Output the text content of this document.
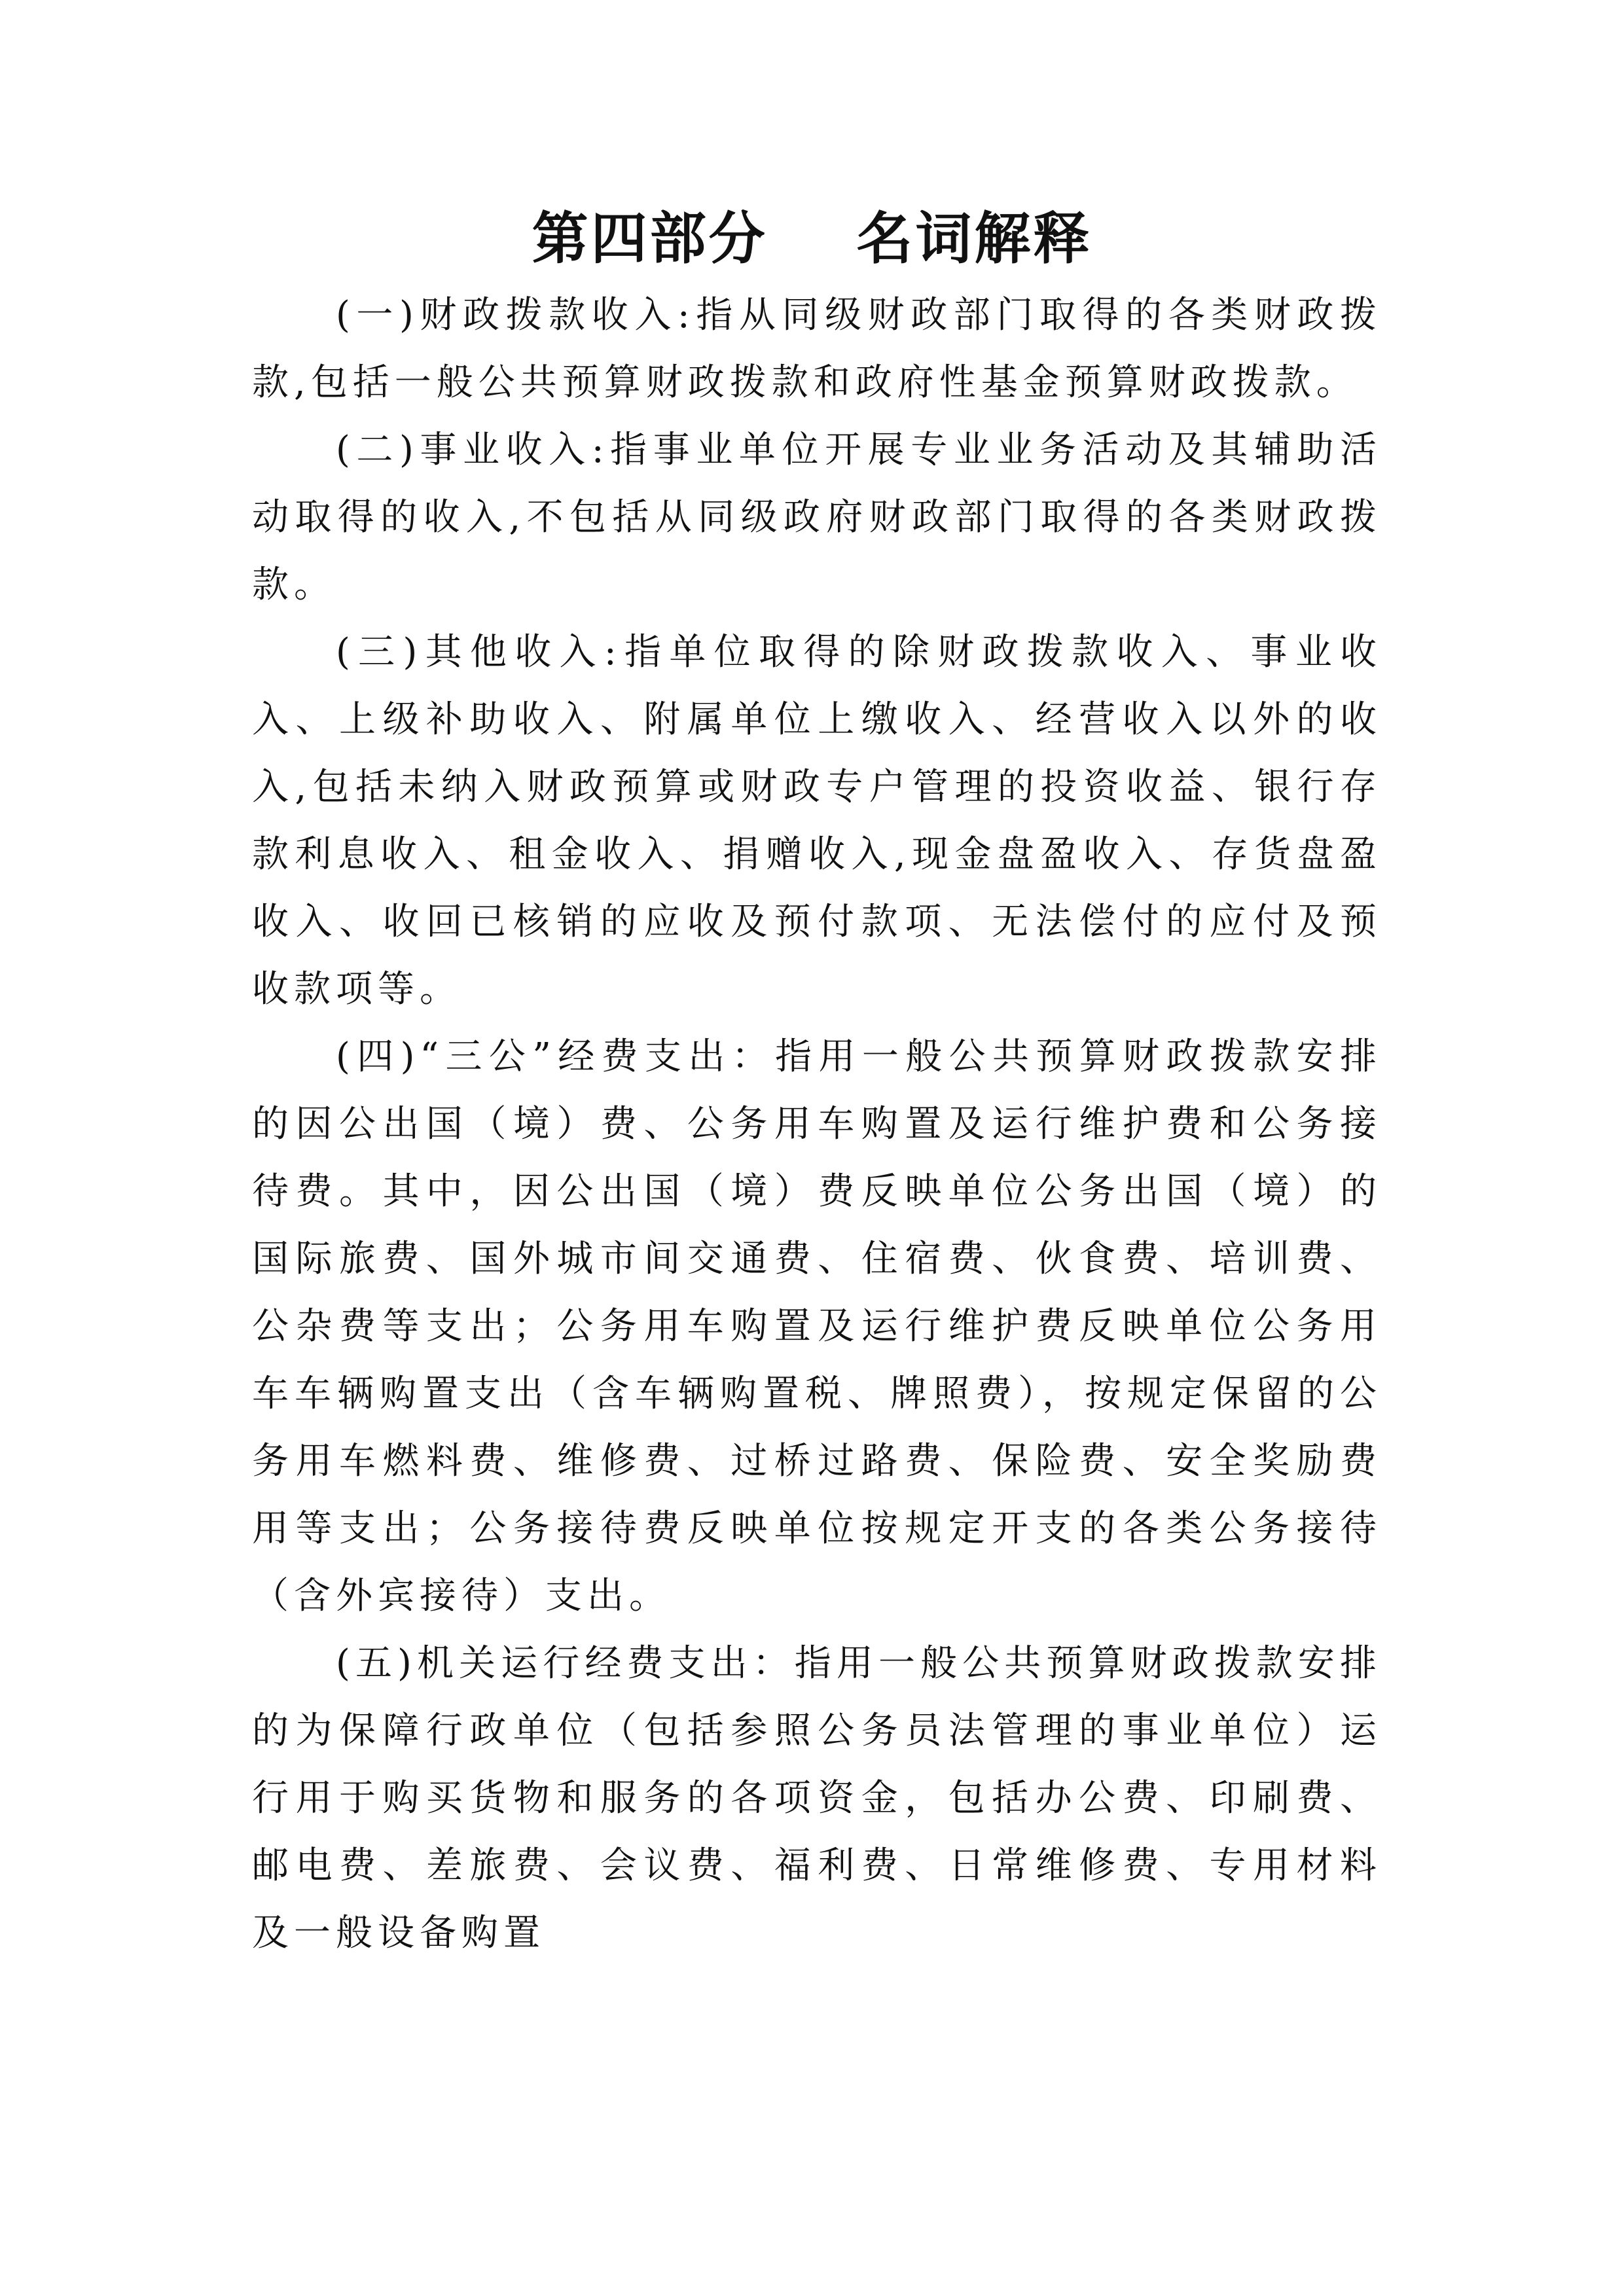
第四部分    名词解释

(一)财政拨款收入:指从同级财政部门取得的各类财政拨款,包括一般公共预算财政拨款和政府性基金预算财政拨款。

(二)事业收入:指事业单位开展专业业务活动及其辅助活动取得的收入,不包括从同级政府财政部门取得的各类财政拨款。

(三)其他收入:指单位取得的除财政拨款收入、事业收入、上级补助收入、附属单位上缴收入、经营收入以外的收入,包括未纳入财政预算或财政专户管理的投资收益、银行存款利息收入、租金收入、捐赠收入,现金盘盈收入、存货盘盈收入、收回已核销的应收及预付款项、无法偿付的应付及预收款项等。

(四)“三公”经费支出：指用一般公共预算财政拨款安排的因公出国（境）费、公务用车购置及运行维护费和公务接待费。其中，因公出国（境）费反映单位公务出国（境）的国际旅费、国外城市间交通费、住宿费、伙食费、培训费、公杂费等支出；公务用车购置及运行维护费反映单位公务用车车辆购置支出（含车辆购置税、牌照费），按规定保留的公务用车燃料费、维修费、过桥过路费、保险费、安全奖励费用等支出；公务接待费反映单位按规定开支的各类公务接待（含外宾接待）支出。

(五)机关运行经费支出：指用一般公共预算财政拨款安排的为保障行政单位（包括参照公务员法管理的事业单位）运行用于购买货物和服务的各项资金，包括办公费、印刷费、邮电费、差旅费、会议费、福利费、日常维修费、专用材料及一般设备购置
